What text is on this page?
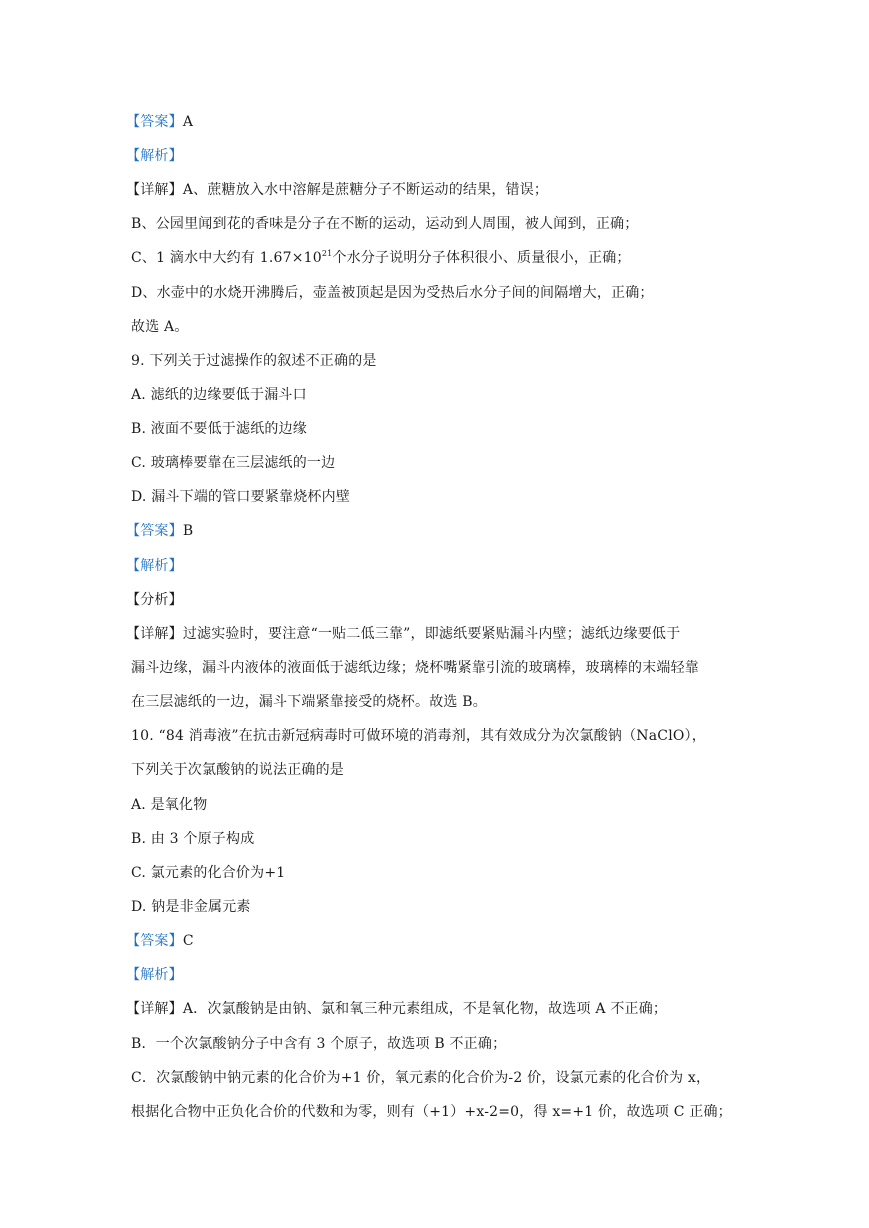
【答案】A
【解析】
【详解】A、蔗糖放入水中溶解是蔗糖分子不断运动的结果，错误；
B、公园里闻到花的香味是分子在不断的运动，运动到人周围，被人闻到，正确；
C、1 滴水中大约有 $1.67\times 10^{21}$个水分子说明分子体积很小、质量很小，正确；
D、水壶中的水烧开沸腾后，壶盖被顶起是因为受热后水分子间的间隔增大，正确；
故选 A。
9. 下列关于过滤操作的叙述不正确的是
A. 滤纸的边缘要低于漏斗口
B. 液面不要低于滤纸的边缘
C. 玻璃棒要靠在三层滤纸的一边
D. 漏斗下端的管口要紧靠烧杯内壁
【答案】B
【解析】
【分析】
【详解】过滤实验时，要注意“一贴二低三靠”，即滤纸要紧贴漏斗内壁；滤纸边缘要低于
漏斗边缘，漏斗内液体的液面低于滤纸边缘；烧杯嘴紧靠引流的玻璃棒，玻璃棒的末端轻靠
在三层滤纸的一边，漏斗下端紧靠接受的烧杯。故选 B。
10. “84 消毒液”在抗击新冠病毒时可做环境的消毒剂，其有效成分为次氯酸钠（NaClO），
下列关于次氯酸钠的说法正确的是
A. 是氧化物
B. 由 3 个原子构成
C. 氯元素的化合价为+1
D. 钠是非金属元素
【答案】C
【解析】
【详解】A．次氯酸钠是由钠、氯和氧三种元素组成，不是氧化物，故选项 A 不正确；
B．一个次氯酸钠分子中含有 3 个原子，故选项 B 不正确；
C．次氯酸钠中钠元素的化合价为+1 价，氧元素的化合价为-2 价，设氯元素的化合价为 x，
根据化合物中正负化合价的代数和为零，则有（+1）+x-2=0，得 x=+1 价，故选项 C 正确；
